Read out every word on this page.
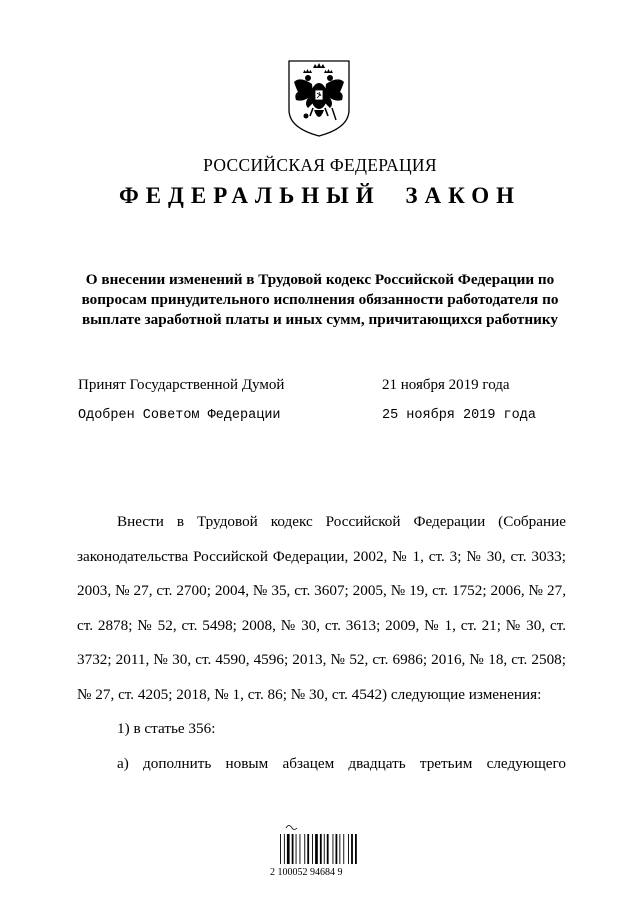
РОССИЙСКАЯ ФЕДЕРАЦИЯ
ФЕДЕРАЛЬНЫЙ ЗАКОН
О внесении изменений в Трудовой кодекс Российской Федерации по вопросам принудительного исполнения обязанности работодателя по выплате заработной платы и иных сумм, причитающихся работнику
Принят Государственной Думой	21 ноября 2019 года
Одобрен Советом Федерации	25 ноября 2019 года

Внести в Трудовой кодекс Российской Федерации (Собрание законодательства Российской Федерации, 2002, № 1, ст. 3; № 30, ст. 3033; 2003, № 27, ст. 2700; 2004, № 35, ст. 3607; 2005, № 19, ст. 1752; 2006, № 27, ст. 2878; № 52, ст. 5498; 2008, № 30, ст. 3613; 2009, № 1, ст. 21; № 30, ст. 3732; 2011, № 30, ст. 4590, 4596; 2013, № 52, ст. 6986; 2016, № 18, ст. 2508; № 27, ст. 4205; 2018, № 1, ст. 86; № 30, ст. 4542) следующие изменения:

1) в статье 356:

а) дополнить новым абзацем двадцать третьим следующего

2 100052 94684 9
